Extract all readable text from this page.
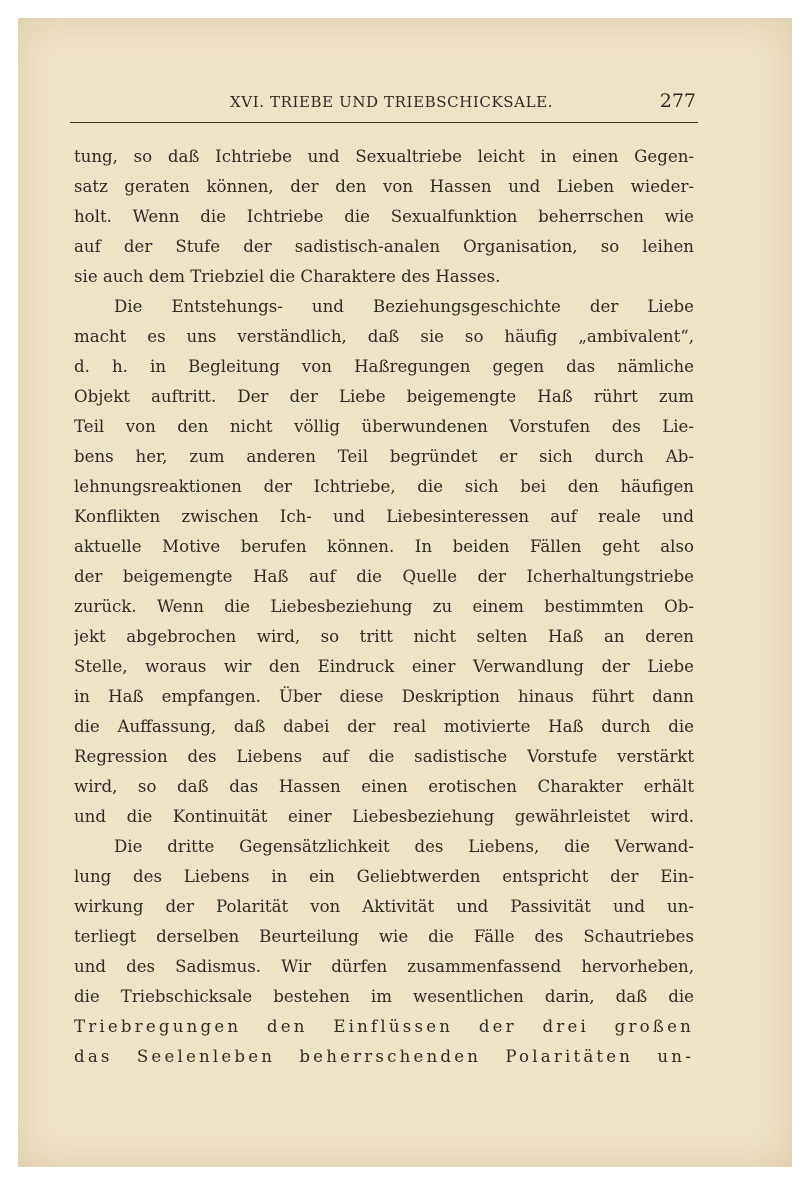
XVI. TRIEBE UND TRIEBSCHICKSALE.	277
tung, so daß Ichtriebe und Sexualtriebe leicht in einen Gegen-
satz geraten können, der den von Hassen und Lieben wieder-
holt. Wenn die Ichtriebe die Sexualfunktion beherrschen wie
auf der Stufe der sadistisch-analen Organisation, so leihen
sie auch dem Triebziel die Charaktere des Hasses.
Die Entstehungs- und Beziehungsgeschichte der Liebe
macht es uns verständlich, daß sie so häufig „ambivalent“,
d. h. in Begleitung von Haßregungen gegen das nämliche
Objekt auftritt. Der der Liebe beigemengte Haß rührt zum
Teil von den nicht völlig überwundenen Vorstufen des Lie-
bens her, zum anderen Teil begründet er sich durch Ab-
lehnungsreaktionen der Ichtriebe, die sich bei den häufigen
Konflikten zwischen Ich- und Liebesinteressen auf reale und
aktuelle Motive berufen können. In beiden Fällen geht also
der beigemengte Haß auf die Quelle der Icherhaltungstriebe
zurück. Wenn die Liebesbeziehung zu einem bestimmten Ob-
jekt abgebrochen wird, so tritt nicht selten Haß an deren
Stelle, woraus wir den Eindruck einer Verwandlung der Liebe
in Haß empfangen. Über diese Deskription hinaus führt dann
die Auffassung, daß dabei der real motivierte Haß durch die
Regression des Liebens auf die sadistische Vorstufe verstärkt
wird, so daß das Hassen einen erotischen Charakter erhält
und die Kontinuität einer Liebesbeziehung gewährleistet wird.
Die dritte Gegensätzlichkeit des Liebens, die Verwand-
lung des Liebens in ein Geliebtwerden entspricht der Ein-
wirkung der Polarität von Aktivität und Passivität und un-
terliegt derselben Beurteilung wie die Fälle des Schautriebes
und des Sadismus. Wir dürfen zusammenfassend hervorheben,
die Triebschicksale bestehen im wesentlichen darin, daß die
Triebregungen den Einflüssen der drei großen
das Seelenleben beherrschenden Polaritäten un-
